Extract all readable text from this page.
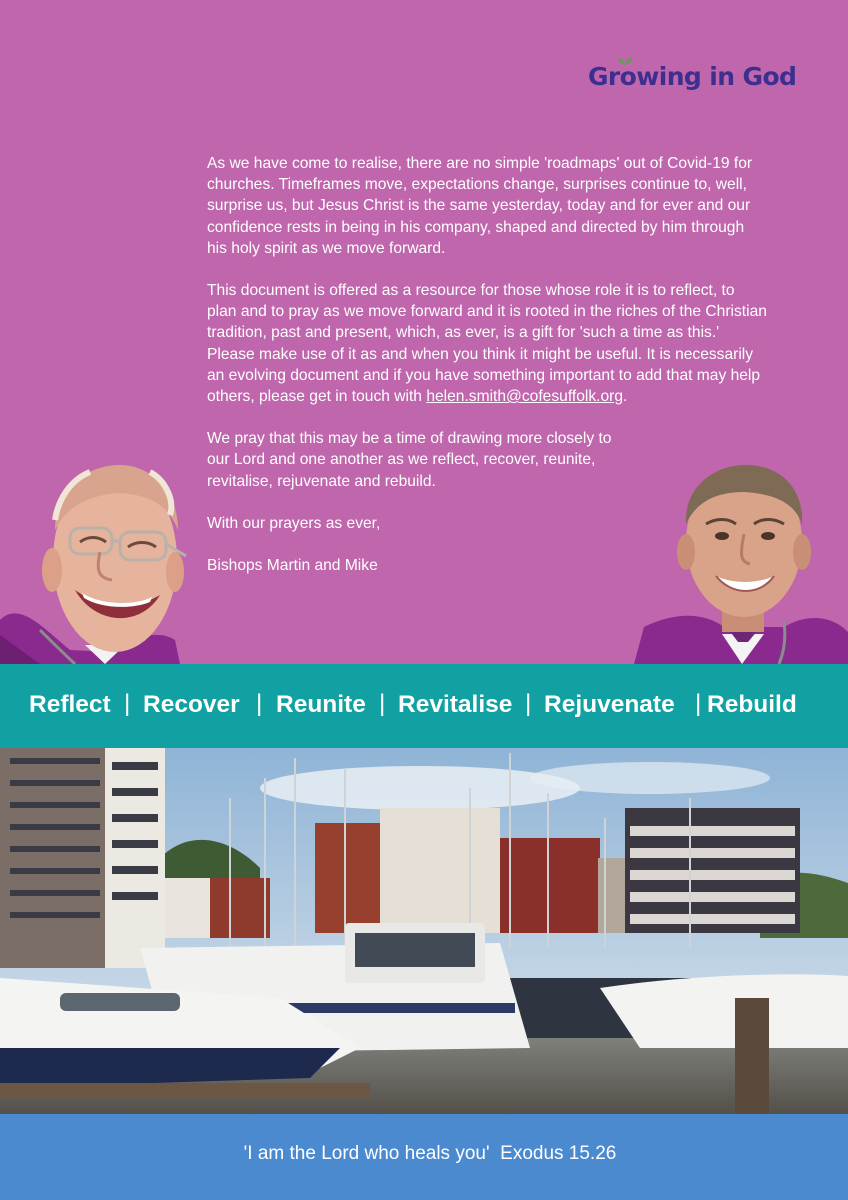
Growing in God

As we have come to realise, there are no simple 'roadmaps' out of Covid-19 for churches. Timeframes move, expectations change, surprises continue to, well, surprise us, but Jesus Christ is the same yesterday, today and for ever and our confidence rests in being in his company, shaped and directed by him through his holy spirit as we move forward.

This document is offered as a resource for those whose role it is to reflect, to plan and to pray as we move forward and it is rooted in the riches of the Christian tradition, past and present, which, as ever, is a gift for 'such a time as this.' Please make use of it as and when you think it might be useful. It is necessarily an evolving document and if you have something important to add that may help others, please get in touch with helen.smith@cofesuffolk.org.

We pray that this may be a time of drawing more closely to our Lord and one another as we reflect, recover, reunite, revitalise, rejuvenate and rebuild.

With our prayers as ever,

Bishops Martin and Mike

Reflect | Recover | Reunite | Revitalise | Rejuvenate | Rebuild
'I am the Lord who heals you'  Exodus 15.26
